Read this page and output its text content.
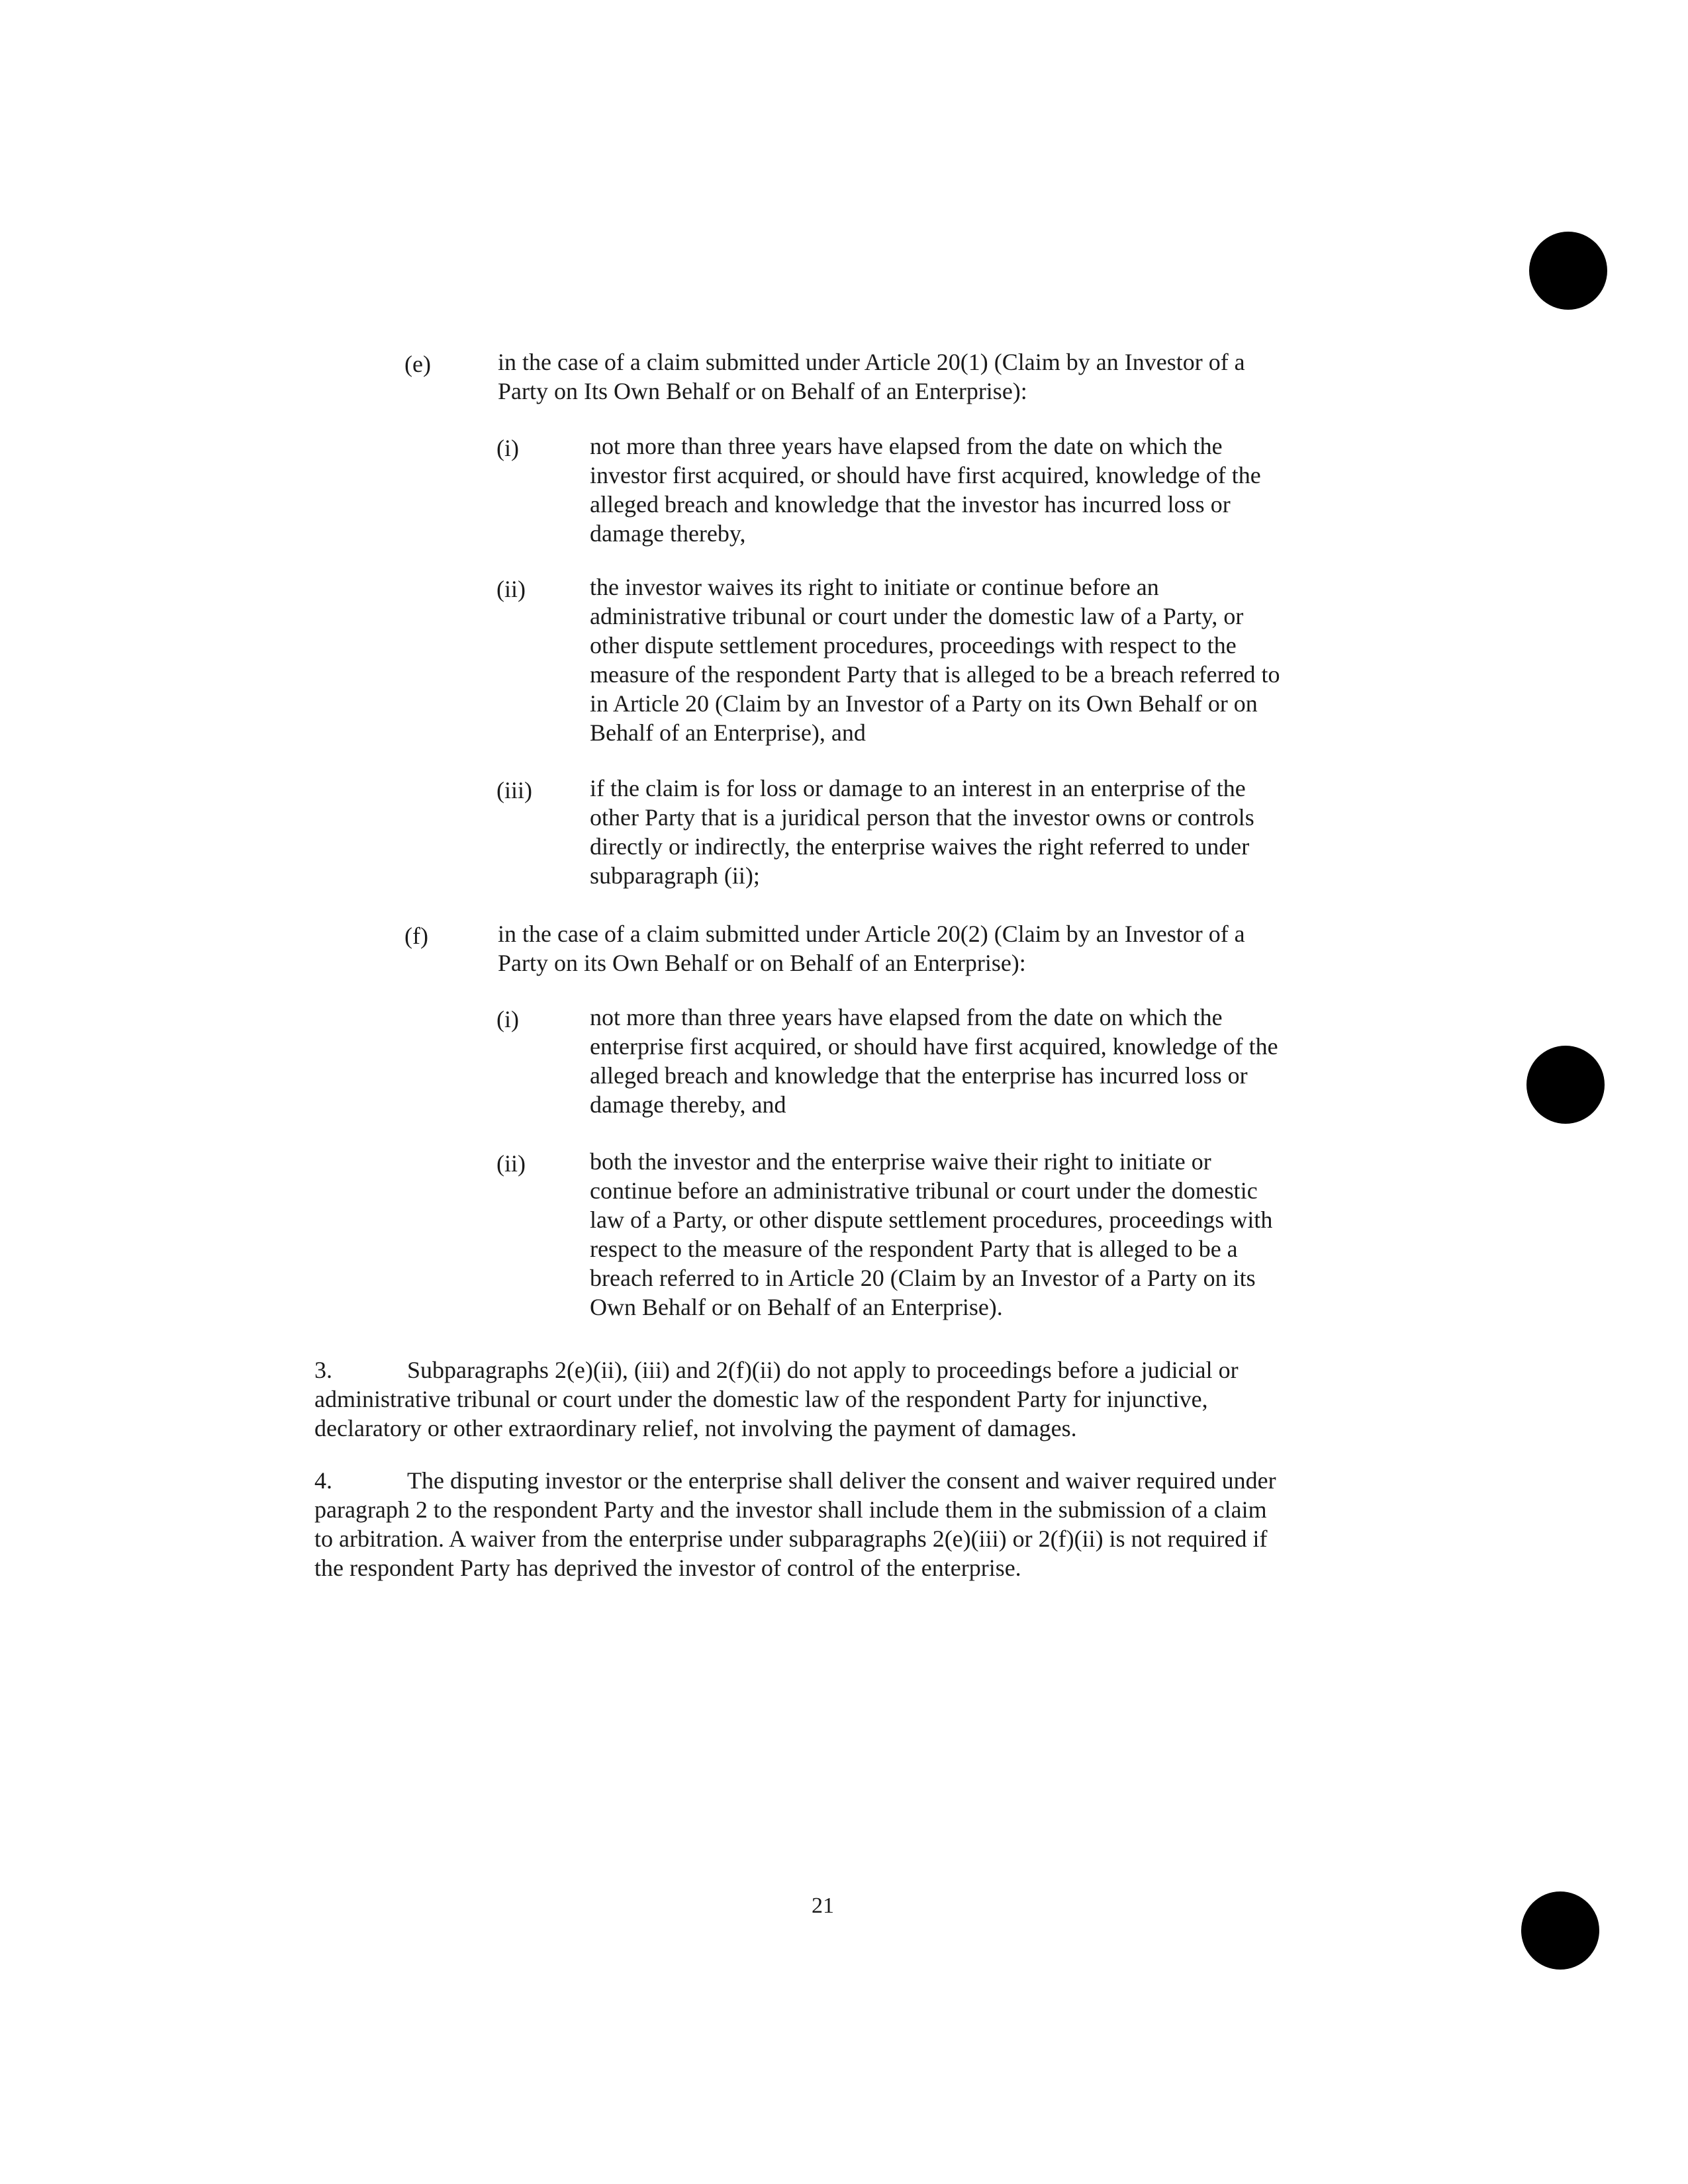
(e)	in the case of a claim submitted under Article 20(1) (Claim by an Investor of a
Party on Its Own Behalf or on Behalf of an Enterprise):
(i)	not more than three years have elapsed from the date on which the
investor first acquired, or should have first acquired, knowledge of the
alleged breach and knowledge that the investor has incurred loss or
damage thereby,
(ii)	the investor waives its right to initiate or continue before an
administrative tribunal or court under the domestic law of a Party, or
other dispute settlement procedures, proceedings with respect to the
measure of the respondent Party that is alleged to be a breach referred to
in Article 20 (Claim by an Investor of a Party on its Own Behalf or on
Behalf of an Enterprise), and
(iii) if the claim is for loss or damage to an interest in an enterprise of the
other Party that is a juridical person that the investor owns or controls
directly or indirectly, the enterprise waives the right referred to under
subparagraph (ii);
(f)	in the case of a claim submitted under Article 20(2) (Claim by an Investor of a
Party on its Own Behalf or on Behalf of an Enterprise):
(i)	not more than three years have elapsed from the date on which the
enterprise first acquired, or should have first acquired, knowledge of the
alleged breach and knowledge that the enterprise has incurred loss or
damage thereby, and
(ii)	both the investor and the enterprise waive their right to initiate or
continue before an administrative tribunal or court under the domestic
law of a Party, or other dispute settlement procedures, proceedings with
respect to the measure of the respondent Party that is alleged to be a
breach referred to in Article 20 (Claim by an Investor of a Party on its
Own Behalf or on Behalf of an Enterprise).
3.	Subparagraphs 2(e)(ii), (iii) and 2(f)(ii) do not apply to proceedings before a judicial or
administrative tribunal or court under the domestic law of the respondent Party for injunctive,
declaratory or other extraordinary relief, not involving the payment of damages.
4.	The disputing investor or the enterprise shall deliver the consent and waiver required under
paragraph 2 to the respondent Party and the investor shall include them in the submission of a claim
to arbitration. A waiver from the enterprise under subparagraphs 2(e)(iii) or 2(f)(ii) is not required if
the respondent Party has deprived the investor of control of the enterprise.
21
